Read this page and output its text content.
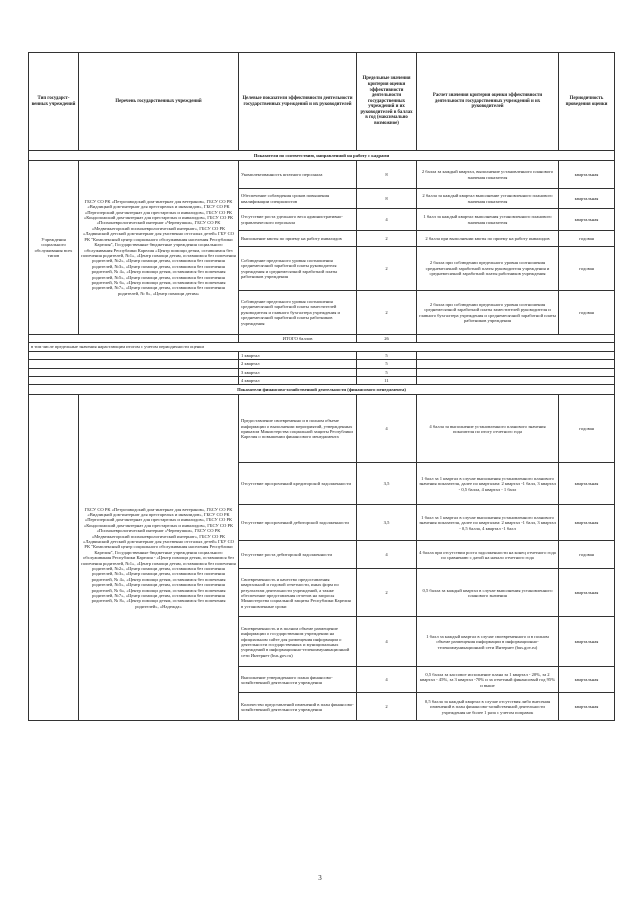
Тип государст-венных учреждений	Перечень государственных учреждений	Целевые показатели эффективности деятельности государственных учреждений и их руководителей	Предельные значения критерия оценки эффективности деятельности государственных учреждений и их руководителей в баллах в год (максимально возможное)	Расчет значения критерия оценки эффективности деятельности государственных учреждений и их руководителей	Периодичность проведения оценки
Показатели по соответствию, направленной на работу с кадрами					
Учреждения социального обслуживания всех типов	ГБСУ СО РК «Петрозаводский дом-интернат для ветеранов», ГБСУ СО РК «Видлицкий дом-интернат для престарелых и инвалидов», ГБСУ СО РК «Пертозерский дом-интернат для престарелых и инвалидов», ГБСУ СО РК «Кондопожский дом-интернат для престарелых и инвалидов», ГБСУ СО РК «Психоневрологический интернат «Черемушки», ГБСУ СО РК «Медвежьегорский психоневрологический интернат», ГБСУ СО РК «Ладвинский детский дом-интернат для умственно отсталых детей» ГБУ СО РК "Комплексный центр социального обслуживания населения Республики Карелия", Государственные бюджетные учреждения социального обслуживания Республики Карелия «Центр помощи детям, оставшимся без попечения родителей, №1», «Центр помощи детям, оставшимся без попечения родителей, №2», «Центр помощи детям, оставшимся без попечения родителей, №3», «Центр помощи детям, оставшимся без попечения родителей, № 4», «Центр помощи детям, оставшимся без попечения родителей, №5», «Центр помощи детям, оставшимся без попечения родителей, № 6», «Центр помощи детям, оставшимся без попечения родителей, №7», «Центр помощи детям, оставшимся без попечения родителей, № 8», «Центр помощи детям»	Укомплектованность штатного персонала	8	2 балла за каждый квартал, выполнение установленного планового значения показателя	квартальная
		Обеспечение соблюдения сроков повышения квалификации специалистов	8	2 балла за каждый квартал выполнение установленного планового значения показателя	квартальная
		Отсутствие роста удельного веса административно-управленческого персонала	4	1 балл за каждый квартал выполнения установленного планового значения показателя	квартальная
		Выполнение квоты по приему на работу инвалидов	2	2 балла при выполнении квоты по приему на работу инвалидов	годовая
		Соблюдение предельного уровня соотношения среднемесячной заработной платы руководителя учреждения и среднемесячной заработной платы работников учреждения	2	2 балла при соблюдении предельного уровня соотношения среднемесячной заработной платы руководителя учреждения и среднемесячной заработной платы работников учреждения	годовая
		Соблюдение предельного уровня соотношения среднемесячной заработной платы заместителей руководителя и главного бухгалтера учреждения и среднемесячной заработной платы работников учреждения	2	2 балла при соблюдении предельного уровня соотношения среднемесячной заработной платы заместителей руководителя и главного бухгалтера учреждения и среднемесячной заработной платы работников учреждения	годовая
		ИТОГО баллов	26		
в том числе предельные значения нарастающим итогом с учетом периодичности оценки					
		1 квартал	5		
		2 квартал	5		
		3 квартал	5		
		4 квартал	11		
Показатели финансово-хозяйственной деятельности (финансового менеджмента)					
	ГБСУ СО РК «Петрозаводский дом-интернат для ветеранов», ГБСУ СО РК «Видлицкий дом-интернат для престарелых и инвалидов», ГБСУ СО РК «Пертозерский дом-интернат для престарелых и инвалидов», ГБСУ СО РК «Кондопожский дом-интернат для престарелых и инвалидов», ГБСУ СО РК «Психоневрологический интернат «Черемушки», ГБСУ СО РК «Медвежьегорский психоневрологический интернат», ГБСУ СО РК «Ладвинский детский дом-интернат для умственно отсталых детей» ГБУ СО РК "Комплексный центр социального обслуживания населения Республики Карелия", Государственные бюджетные учреждения социального обслуживания Республики Карелия - «Центр помощи детям, оставшимся без попечения родителей, №1», «Центр помощи детям, оставшимся без попечения родителей, №2», «Центр помощи детям, оставшимся без попечения родителей, №3», «Центр помощи детям, оставшимся без попечения родителей, № 4», «Центр помощи детям, оставшимся без попечения родителей, №5», «Центр помощи детям, оставшимся без попечения родителей, № 6», «Центр помощи детям, оставшимся без попечения родителей, №7», «Центр помощи детям, оставшимся без попечения родителей, № 8», «Центр помощи детям, оставшимся без попечения родителей», «Надежда»	Предоставление своевременно и в полном объеме информации о выполнении мероприятий, утвержденных приказом Министерства социальной защиты Республики Карелия о повышении финансового менеджмента	4	4 балла за выполнение установленного планового значения показателя по итогу отчетного года	годовая
		Отсутствие просроченной кредиторской задолженности	3,5	1 балл за 1 квартал в случае выполнения установленного планового значения показателя, далее по кварталам: 2 квартал -1 балл, 3 квартал - 0,5 балла, 4 квартал - 1 балл	квартальная
		Отсутствие просроченной дебиторской задолженности	3,5	1 балл за 1 квартал в случае выполнения установленного планового значения показателя, далее по кварталам: 2 квартал -1 балл, 3 квартал - 0,5 балла, 4 квартал -1 балл	квартальная
		Отсутствие роста дебиторской задолженности	4	4 балла при отсутствии роста задолженности на конец отчетного года по сравнению с датой на начало отчетного года	годовая
		Своевременность и качество предоставления квартальной и годовой отчетности, иных форм по результатам деятельности учреждений, а также обеспечение представления отчетов на запросы Министерства социальной защиты Республики Карелия в установленные сроки	2	0,5 балла за каждый квартал в случае выполнения установленного планового значения	квартальная
		Своевременность и в полном объеме размещение информации о государственном учреждении на официальном сайте для размещения информации о деятельности государственных и муниципальных учреждений в информационно-телекоммуникационной сети Интернет (bus.gov.ru)	4	1 балл за каждый квартал в случае своевременного и в полном объеме размещения информации в информационно-телекоммуникационной сети Интернет (bus.gov.ru)	квартальная
		Выполнение утвержденного плана финансово-хозяйственной деятельности учреждения	4	0,5 балла за кассовое исполнение плана за 1 квартал - 20%, за 2 квартал - 45%, за 3 квартал -70% и за отчетный финансовый год 95% и выше	квартальная
		Количество представлений изменений в план финансово-хозяйственной деятельности учреждения	2	0,5 балла за каждый квартал в случае отсутствия либо внесения изменений в план финансово-хозяйственной деятельности учреждения не более 1 раза с учетом поправок	квартальная
3
